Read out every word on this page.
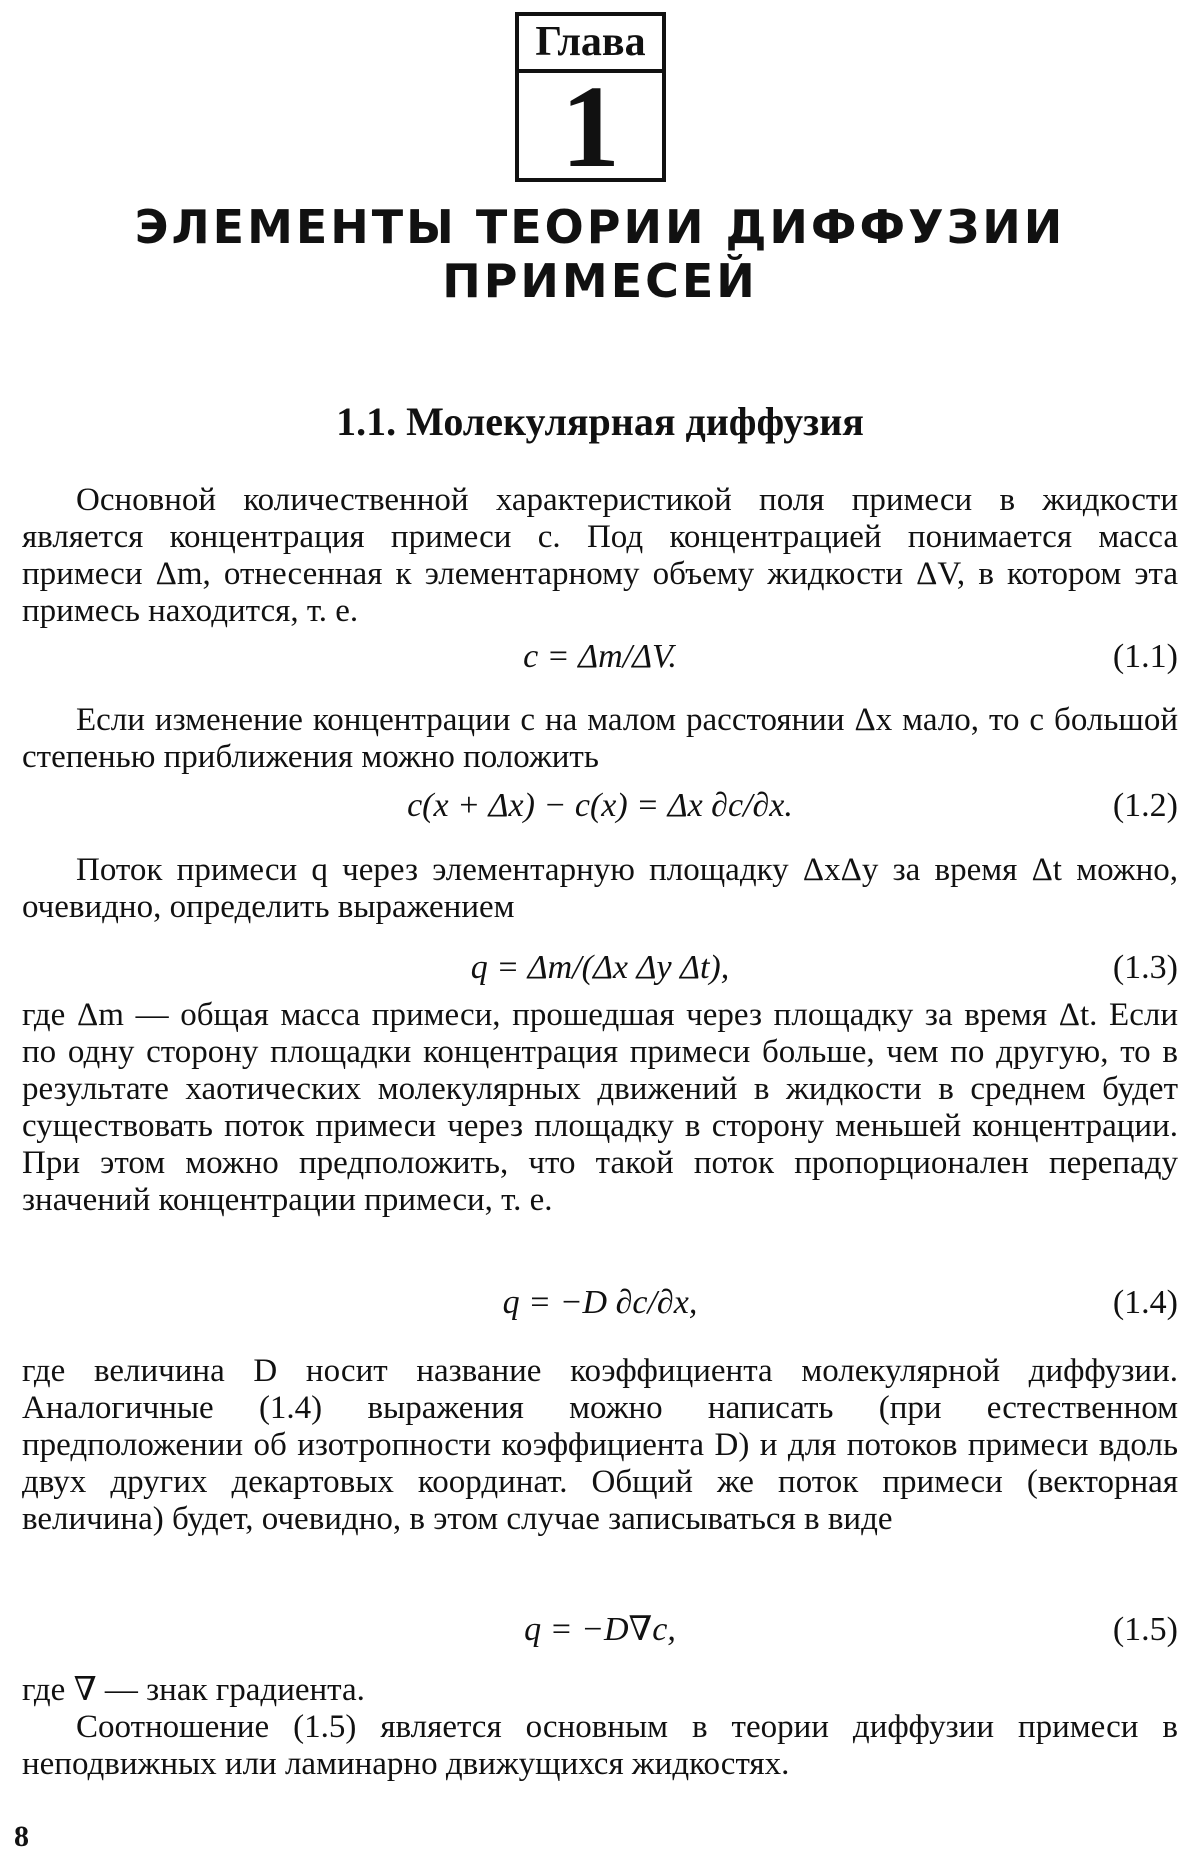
Глава
1
ЭЛЕМЕНТЫ ТЕОРИИ ДИФФУЗИИ ПРИМЕСЕЙ
1.1. Молекулярная диффузия
Основной количественной характеристикой поля примеси в жидкости является концентрация примеси c. Под концентрацией понимается масса примеси Δm, отнесенная к элементарному объему жидкости ΔV, в котором эта примесь находится, т. е.
c = Δm/ΔV.	(1.1)
Если изменение концентрации c на малом расстоянии Δx мало, то с большой степенью приближения можно положить
c(x + Δx) − c(x) = Δx ∂c/∂x.	(1.2)
Поток примеси q через элементарную площадку ΔxΔy за время Δt можно, очевидно, определить выражением
q = Δm/(Δx Δy Δt),	(1.3)
где Δm — общая масса примеси, прошедшая через площадку за время Δt. Если по одну сторону площадки концентрация примеси больше, чем по другую, то в результате хаотических молекулярных движений в жидкости в среднем будет существовать поток примеси через площадку в сторону меньшей концентрации. При этом можно предположить, что такой поток пропорционален перепаду значений концентрации примеси, т. е.
q = −D ∂c/∂x,	(1.4)
где величина D носит название коэффициента молекулярной диффузии. Аналогичные (1.4) выражения можно написать (при естественном предположении об изотропности коэффициента D) и для потоков примеси вдоль двух других декартовых координат. Общий же поток примеси (векторная величина) будет, очевидно, в этом случае записываться в виде
q = −D∇c,	(1.5)
где ∇ — знак градиента.
Соотношение (1.5) является основным в теории диффузии примеси в неподвижных или ламинарно движущихся жидкостях.
8
